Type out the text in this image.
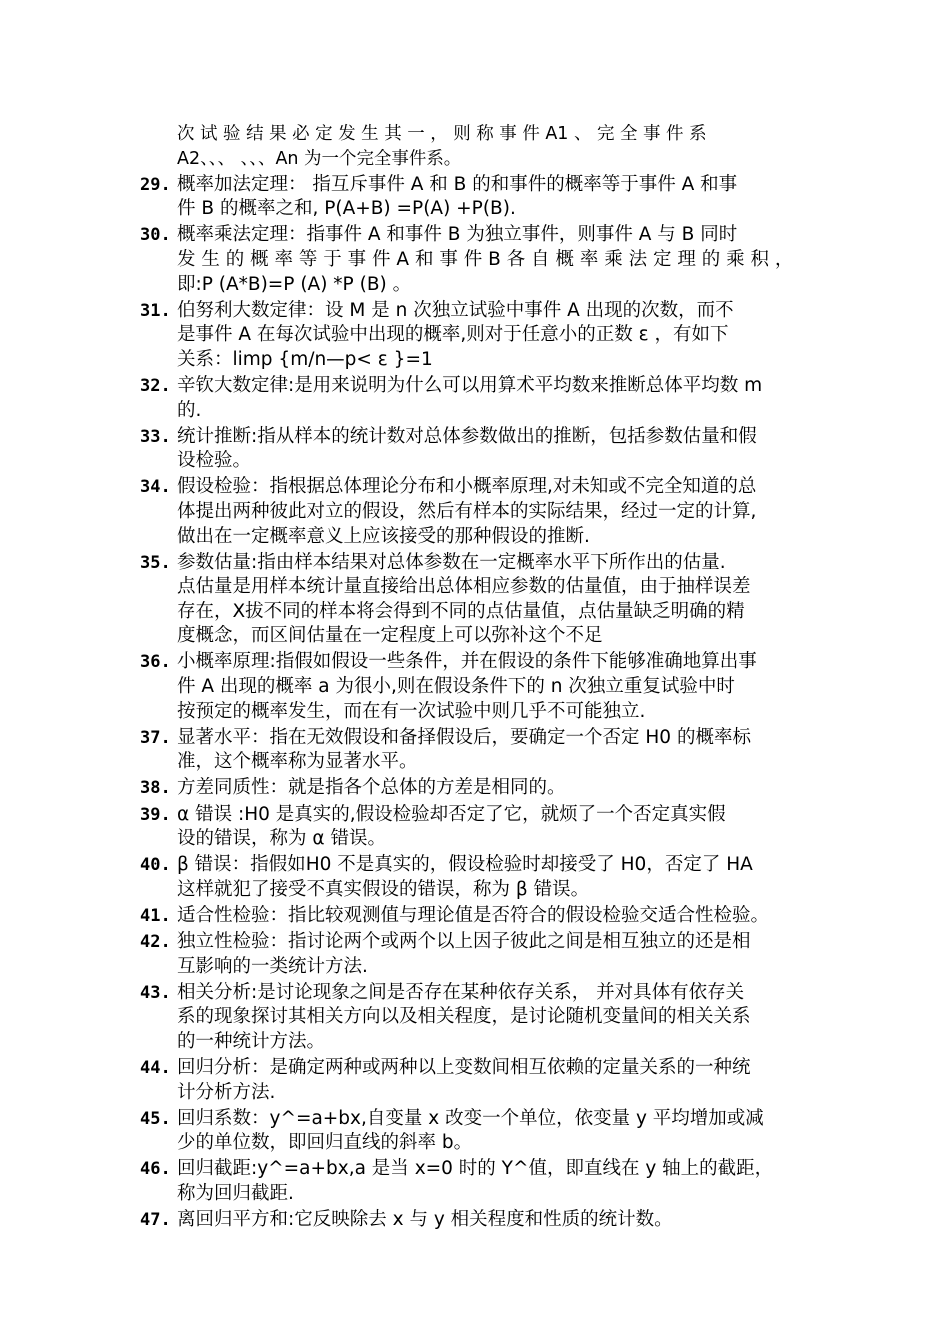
次 试 验 结 果 必 定 发 生 其 一 ， 则 称 事 件 A1 、 完 全 事 件 系
A2、、、 、、、An 为一个完全事件系。
29. 概率加法定理： 指互斥事件 A 和 B 的和事件的概率等于事件 A 和事
件 B 的概率之和, P(A+B) =P(A) +P(B).
30. 概率乘法定理：指事件 A 和事件 B 为独立事件，则事件 A 与 B 同时
发 生 的 概 率 等 于 事 件 A 和 事 件 B 各 自 概 率 乘 法 定 理 的 乘 积 ，
即:P (A*B)=P (A) *P (B) 。
31. 伯努利大数定律：设 M 是 n 次独立试验中事件 A 出现的次数，而不
是事件 A 在每次试验中出现的概率,则对于任意小的正数 ε ，有如下
关系：limp {m/n—p< ε }=1
32. 辛钦大数定律:是用来说明为什么可以用算术平均数来推断总体平均数 m
的.
33. 统计推断:指从样本的统计数对总体参数做出的推断，包括参数估量和假
设检验。
34. 假设检验：指根据总体理论分布和小概率原理,对未知或不完全知道的总
体提出两种彼此对立的假设，然后有样本的实际结果，经过一定的计算,
做出在一定概率意义上应该接受的那种假设的推断.
35. 参数估量:指由样本结果对总体参数在一定概率水平下所作出的估量.
点估量是用样本统计量直接给出总体相应参数的估量值，由于抽样误差
存在，X拔不同的样本将会得到不同的点估量值，点估量缺乏明确的精
度概念，而区间估量在一定程度上可以弥补这个不足
36. 小概率原理:指假如假设一些条件，并在假设的条件下能够准确地算出事
件 A 出现的概率 a 为很小,则在假设条件下的 n 次独立重复试验中时
按预定的概率发生，而在有一次试验中则几乎不可能独立.
37. 显著水平：指在无效假设和备择假设后，要确定一个否定 H0 的概率标
准，这个概率称为显著水平。
38. 方差同质性：就是指各个总体的方差是相同的。
39. α 错误 :H0 是真实的,假设检验却否定了它，就烦了一个否定真实假
设的错误，称为 α 错误。
40. β 错误：指假如H0 不是真实的，假设检验时却接受了 H0，否定了 HA
这样就犯了接受不真实假设的错误，称为 β 错误。
41. 适合性检验：指比较观测值与理论值是否符合的假设检验交适合性检验。
42. 独立性检验：指讨论两个或两个以上因子彼此之间是相互独立的还是相
互影响的一类统计方法.
43. 相关分析:是讨论现象之间是否存在某种依存关系， 并对具体有依存关
系的现象探讨其相关方向以及相关程度，是讨论随机变量间的相关关系
的一种统计方法。
44. 回归分析：是确定两种或两种以上变数间相互依赖的定量关系的一种统
计分析方法.
45. 回归系数：y^=a+bx,自变量 x 改变一个单位，依变量 y 平均增加或减
少的单位数，即回归直线的斜率 b。
46. 回归截距:y^=a+bx,a 是当 x=0 时的 Y^值，即直线在 y 轴上的截距，
称为回归截距.
47. 离回归平方和:它反映除去 x 与 y 相关程度和性质的统计数。
